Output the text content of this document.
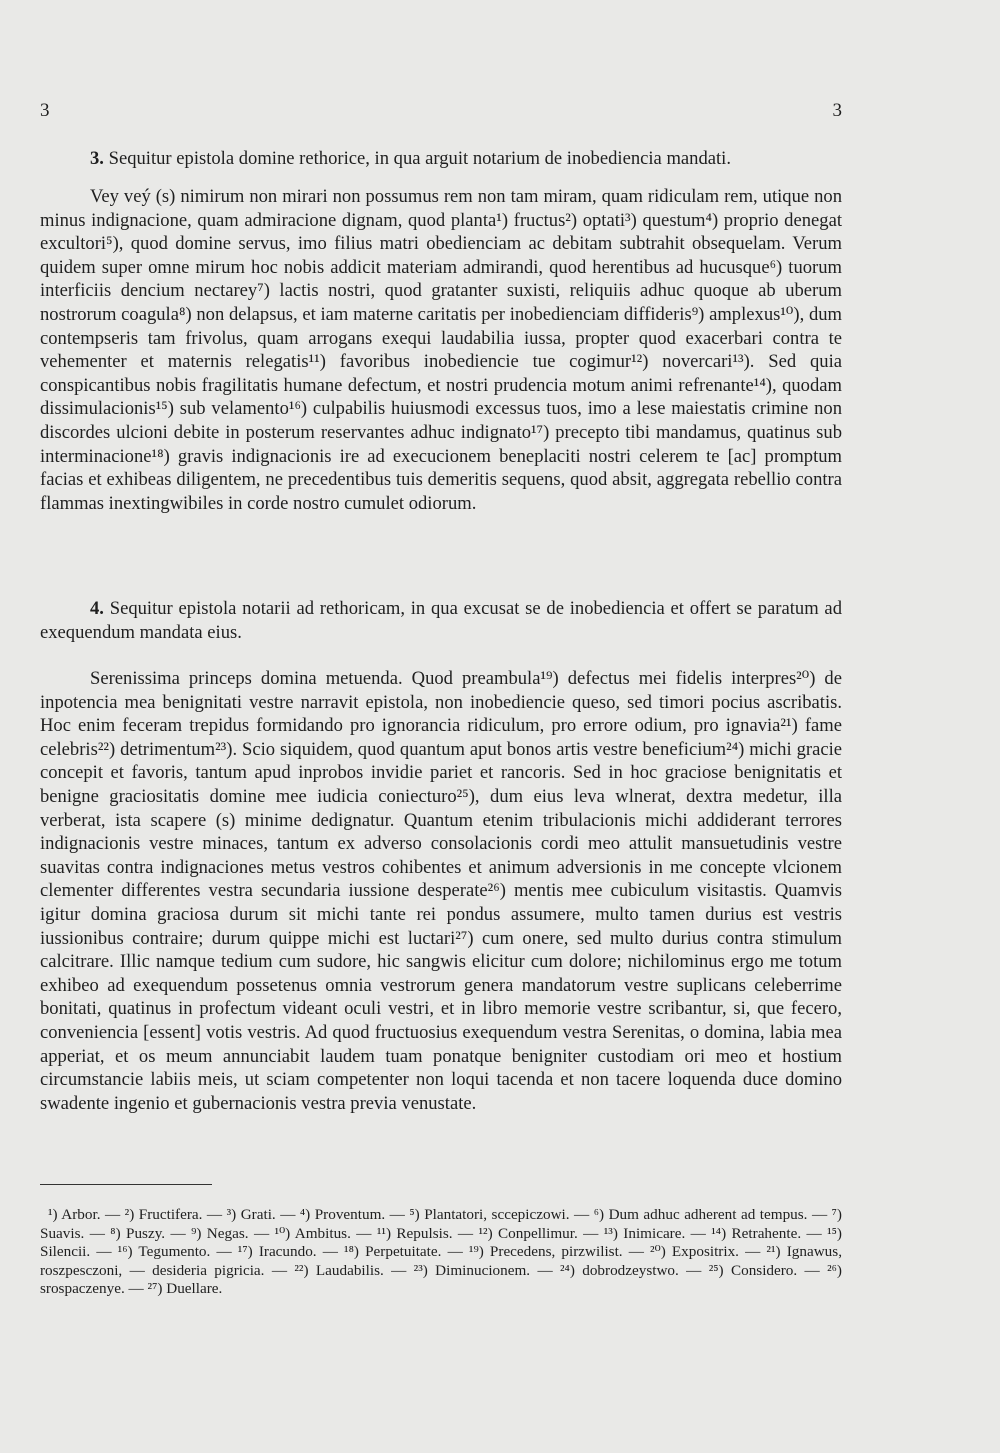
3	3
3. Sequitur epistola domine rethorice, in qua arguit notarium de inobediencia mandati.
Vey veý (s) nimirum non mirari non possumus rem non tam miram, quam ridiculam rem, utique non minus indignacione, quam admiracione dignam, quod planta¹) fructus²) optati³) questum⁴) proprio denegat excultori⁵), quod domine servus, imo filius matri obedienciam ac debitam subtrahit obsequelam. Verum quidem super omne mirum hoc nobis addicit materiam admirandi, quod herentibus ad hucusque⁶) tuorum interficiis dencium nectarey⁷) lactis nostri, quod gratanter suxisti, reliquiis adhuc quoque ab uberum nostrorum coagula⁸) non delapsus, et iam materne caritatis per inobedienciam diffideris⁹) amplexus¹⁰), dum contempseris tam frivolus, quam arrogans exequi laudabilia iussa, propter quod exacerbari contra te vehementer et maternis relegatis¹¹) favoribus inobediencie tue cogimur¹²) novercari¹³). Sed quia conspicantibus nobis fragilitatis humane defectum, et nostri prudencia motum animi refrenante¹⁴), quodam dissimulacionis¹⁵) sub velamento¹⁶) culpabilis huiusmodi excessus tuos, imo a lese maiestatis crimine non discordes ulcioni debite in posterum reservantes adhuc indignato¹⁷) precepto tibi mandamus, quatinus sub interminacione¹⁸) gravis indignacionis ire ad execucionem beneplaciti nostri celerem te [ac] promptum facias et exhibeas diligentem, ne precedentibus tuis demeritis sequens, quod absit, aggregata rebellio contra flammas inextingwibiles in corde nostro cumulet odiorum.
4. Sequitur epistola notarii ad rethoricam, in qua excusat se de inobediencia et offert se paratum ad exequendum mandata eius.
Serenissima princeps domina metuenda. Quod preambula¹⁹) defectus mei fidelis interpres²⁰) de inpotencia mea benignitati vestre narravit epistola, non inobediencie queso, sed timori pocius ascribatis. Hoc enim feceram trepidus formidando pro ignorancia ridiculum, pro errore odium, pro ignavia²¹) fame celebris²²) detrimentum²³). Scio siquidem, quod quantum aput bonos artis vestre beneficium²⁴) michi gracie concepit et favoris, tantum apud inprobos invidie pariet et rancoris. Sed in hoc graciose benignitatis et benigne graciositatis domine mee iudicia coniecturo²⁵), dum eius leva wlnerat, dextra medetur, illa verberat, ista scapere (s) minime dedignatur. Quantum etenim tribulacionis michi addiderant terrores indignacionis vestre minaces, tantum ex adverso consolacionis cordi meo attulit mansuetudinis vestre suavitas contra indignaciones metus vestros cohibentes et animum adversionis in me concepte vlcionem clementer differentes vestra secundaria iussione desperate²⁶) mentis mee cubiculum visitastis. Quamvis igitur domina graciosa durum sit michi tante rei pondus assumere, multo tamen durius est vestris iussionibus contraire; durum quippe michi est luctari²⁷) cum onere, sed multo durius contra stimulum calcitrare. Illic namque tedium cum sudore, hic sangwis elicitur cum dolore; nichilominus ergo me totum exhibeo ad exequendum possetenus omnia vestrorum genera mandatorum vestre suplicans celeberrime bonitati, quatinus in profectum videant oculi vestri, et in libro memorie vestre scribantur, si, que fecero, convenienciа [essent] votis vestris. Ad quod fructuosius exequendum vestra Serenitas, o domina, labia mea apperiat, et os meum annunciabit laudem tuam ponatque benigniter custodiam ori meo et hostium circumstancie labiis meis, ut sciam competenter non loqui tacenda et non tacere loquenda duce domino swadente ingenio et gubernacionis vestra previa venustate.
¹) Arbor. — ²) Fructifera. — ³) Grati. — ⁴) Proventum. — ⁵) Plantatori, scсepiczowi. — ⁶) Dum adhuc adherent ad tempus. — ⁷) Suavis. — ⁸) Puszy. — ⁹) Negas. — ¹⁰) Ambitus. — ¹¹) Repulsis. — ¹²) Conpellimur. — ¹³) Inimicare. — ¹⁴) Retrahente. — ¹⁵) Silencii. — ¹⁶) Tegumento. — ¹⁷) Iracundo. — ¹⁸) Perpetuitate. — ¹⁹) Precedens, pirzwilist. — ²⁰) Expositrix. — ²¹) Ignawus, roszpesczoni, — desideria pigricia. — ²²) Laudabilis. — ²³) Diminucionem. — ²⁴) dobrodzeystwo. — ²⁵) Considero. — ²⁶) srospaczenye. — ²⁷) Duellare.
